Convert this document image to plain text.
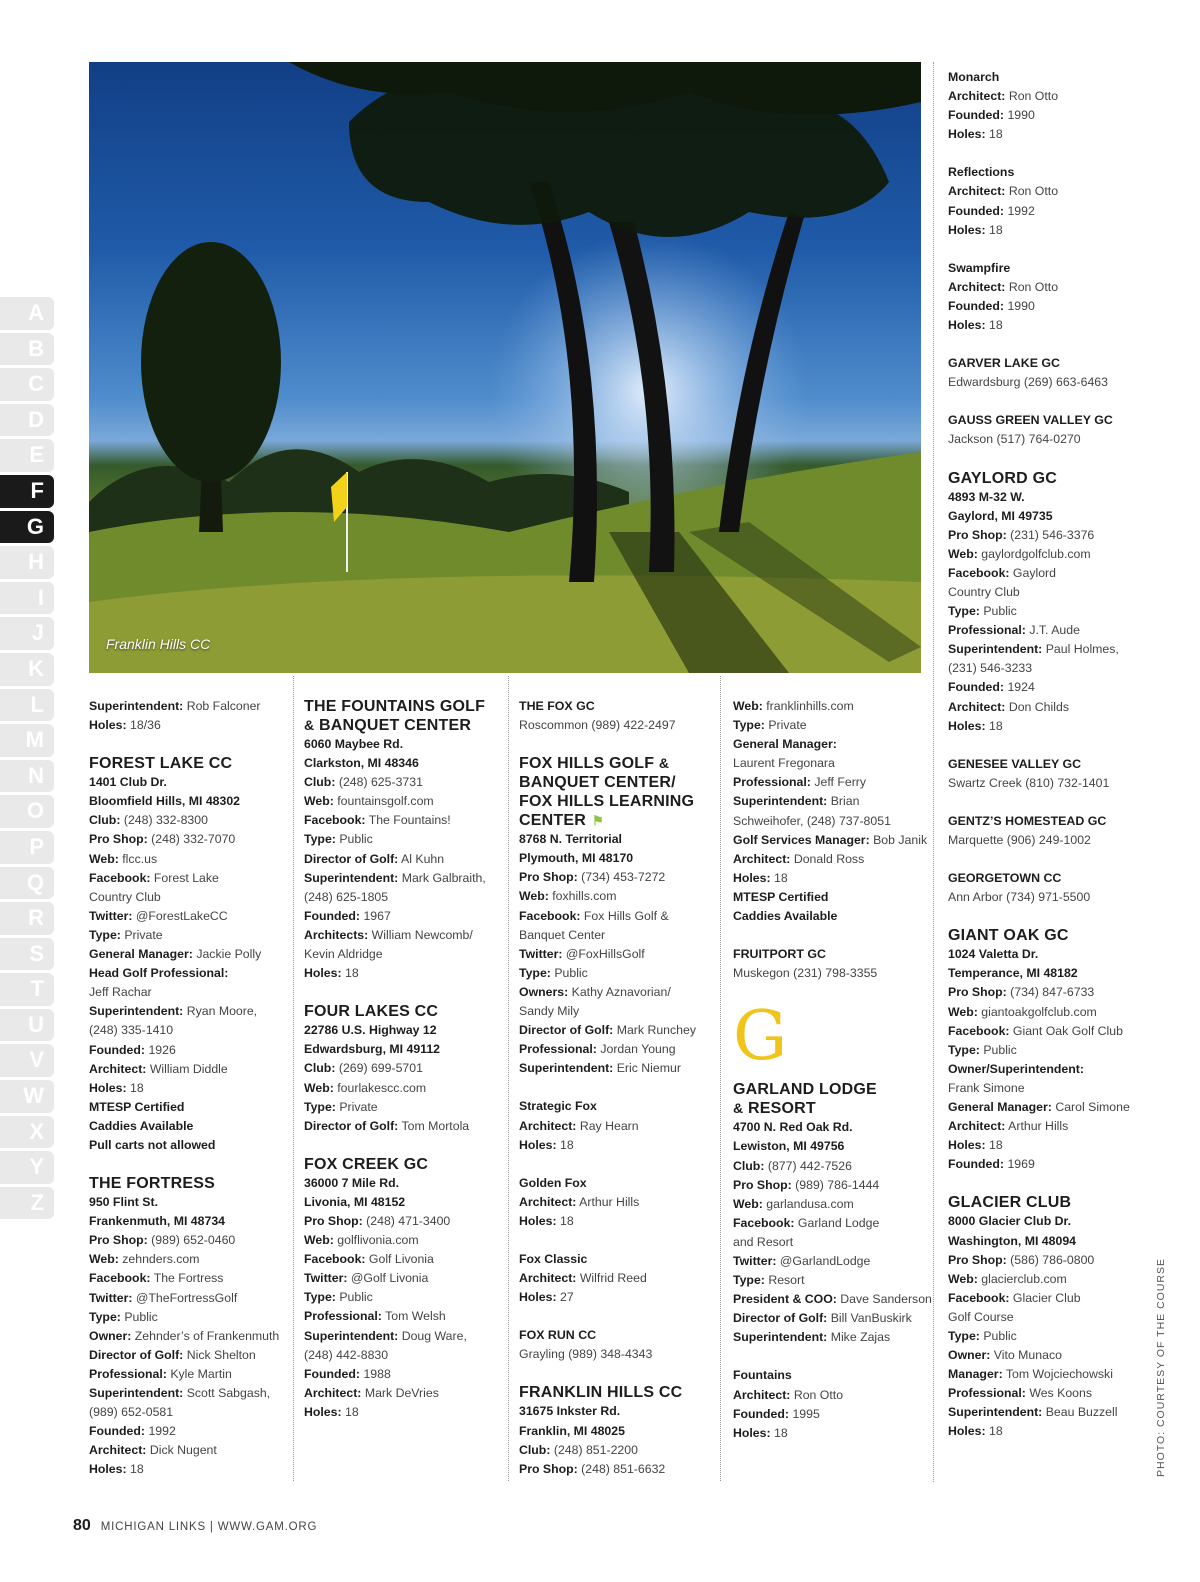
Franklin Hills CC
A
B
C
D
E
F
G
H
I
J
K
L
M
N
O
P
Q
R
S
T
U
V
W
X
Y
Z
Superintendent: Rob Falconer
Holes: 18/36
FOREST LAKE CC
1401 Club Dr.
Bloomfield Hills, MI 48302
Club: (248) 332-8300
Pro Shop: (248) 332-7070
Web: flcc.us
Facebook: Forest Lake
Country Club
Twitter: @ForestLakeCC
Type: Private
General Manager: Jackie Polly
Head Golf Professional:
Jeff Rachar
Superintendent: Ryan Moore,
(248) 335-1410
Founded: 1926
Architect: William Diddle
Holes: 18
MTESP Certified
Caddies Available
Pull carts not allowed
THE FORTRESS
950 Flint St.
Frankenmuth, MI 48734
Pro Shop: (989) 652-0460
Web: zehnders.com
Facebook: The Fortress
Twitter: @TheFortressGolf
Type: Public
Owner: Zehnder’s of Frankenmuth
Director of Golf: Nick Shelton
Professional: Kyle Martin
Superintendent: Scott Sabgash,
(989) 652-0581
Founded: 1992
Architect: Dick Nugent
Holes: 18
THE FOUNTAINS GOLF
& BANQUET CENTER
6060 Maybee Rd.
Clarkston, MI 48346
Club: (248) 625-3731
Web: fountainsgolf.com
Facebook: The Fountains!
Type: Public
Director of Golf: Al Kuhn
Superintendent: Mark Galbraith,
(248) 625-1805
Founded: 1967
Architects: William Newcomb/
Kevin Aldridge
Holes: 18
FOUR LAKES CC
22786 U.S. Highway 12
Edwardsburg, MI 49112
Club: (269) 699-5701
Web: fourlakescc.com
Type: Private
Director of Golf: Tom Mortola
FOX CREEK GC
36000 7 Mile Rd.
Livonia, MI 48152
Pro Shop: (248) 471-3400
Web: golflivonia.com
Facebook: Golf Livonia
Twitter: @Golf Livonia
Type: Public
Professional: Tom Welsh
Superintendent: Doug Ware,
(248) 442-8830
Founded: 1988
Architect: Mark DeVries
Holes: 18
THE FOX GC
Roscommon (989) 422-2497
FOX HILLS GOLF &
BANQUET CENTER/
FOX HILLS LEARNING
CENTER ⚑
8768 N. Territorial
Plymouth, MI 48170
Pro Shop: (734) 453-7272
Web: foxhills.com
Facebook: Fox Hills Golf &
Banquet Center
Twitter: @FoxHillsGolf
Type: Public
Owners: Kathy Aznavorian/
Sandy Mily
Director of Golf: Mark Runchey
Professional: Jordan Young
Superintendent: Eric Niemur
Strategic Fox
Architect: Ray Hearn
Holes: 18
Golden Fox
Architect: Arthur Hills
Holes: 18
Fox Classic
Architect: Wilfrid Reed
Holes: 27
FOX RUN CC
Grayling (989) 348-4343
FRANKLIN HILLS CC
31675 Inkster Rd.
Franklin, MI 48025
Club: (248) 851-2200
Pro Shop: (248) 851-6632
Web: franklinhills.com
Type: Private
General Manager:
Laurent Fregonara
Professional: Jeff Ferry
Superintendent: Brian
Schweihofer, (248) 737-8051
Golf Services Manager: Bob Janik
Architect: Donald Ross
Holes: 18
MTESP Certified
Caddies Available
FRUITPORT GC
Muskegon (231) 798-3355
G
GARLAND LODGE
& RESORT
4700 N. Red Oak Rd.
Lewiston, MI 49756
Club: (877) 442-7526
Pro Shop: (989) 786-1444
Web: garlandusa.com
Facebook: Garland Lodge
and Resort
Twitter: @GarlandLodge
Type: Resort
President & COO: Dave Sanderson
Director of Golf: Bill VanBuskirk
Superintendent: Mike Zajas
Fountains
Architect: Ron Otto
Founded: 1995
Holes: 18
Monarch
Architect: Ron Otto
Founded: 1990
Holes: 18
Reflections
Architect: Ron Otto
Founded: 1992
Holes: 18
Swampfire
Architect: Ron Otto
Founded: 1990
Holes: 18
GARVER LAKE GC
Edwardsburg (269) 663-6463
GAUSS GREEN VALLEY GC
Jackson (517) 764-0270
GAYLORD GC
4893 M-32 W.
Gaylord, MI 49735
Pro Shop: (231) 546-3376
Web: gaylordgolfclub.com
Facebook: Gaylord
Country Club
Type: Public
Professional: J.T. Aude
Superintendent: Paul Holmes,
(231) 546-3233
Founded: 1924
Architect: Don Childs
Holes: 18
GENESEE VALLEY GC
Swartz Creek (810) 732-1401
GENTZ’S HOMESTEAD GC
Marquette (906) 249-1002
GEORGETOWN CC
Ann Arbor (734) 971-5500
GIANT OAK GC
1024 Valetta Dr.
Temperance, MI 48182
Pro Shop: (734) 847-6733
Web: giantoakgolfclub.com
Facebook: Giant Oak Golf Club
Type: Public
Owner/Superintendent:
Frank Simone
General Manager: Carol Simone
Architect: Arthur Hills
Holes: 18
Founded: 1969
GLACIER CLUB
8000 Glacier Club Dr.
Washington, MI 48094
Pro Shop: (586) 786-0800
Web: glacierclub.com
Facebook: Glacier Club
Golf Course
Type: Public
Owner: Vito Munaco
Manager: Tom Wojciechowski
Professional: Wes Koons
Superintendent: Beau Buzzell
Holes: 18	PHOTO: COURTESY OF THE COURSE
80 MICHIGAN LINKS | WWW.GAM.ORG
